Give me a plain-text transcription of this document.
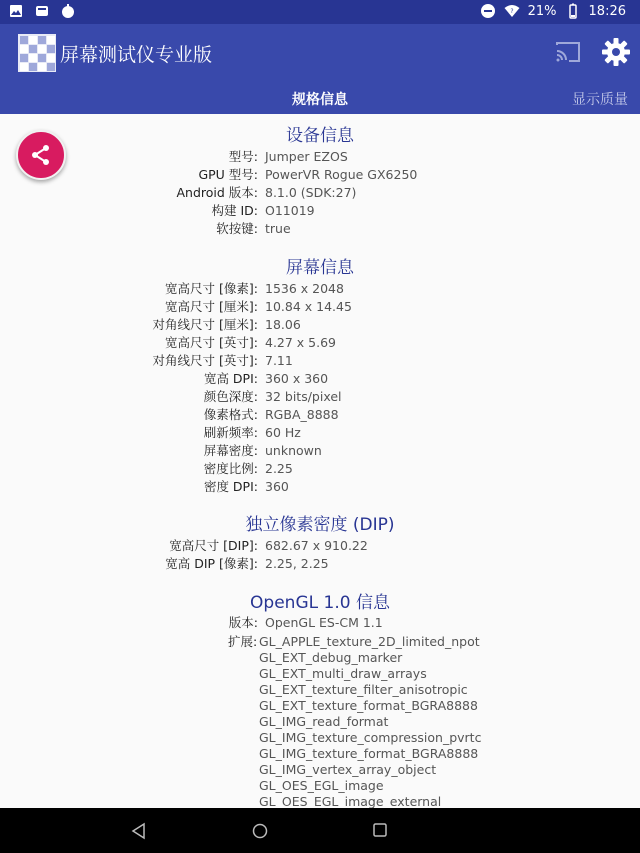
? 21% 18:26
屏幕测试仪专业版
规格信息	显示质量
设备信息
型号: Jumper EZOS
GPU 型号: PowerVR Rogue GX6250
Android 版本: 8.1.0 (SDK:27)
构建 ID: O11019
软按键: true
屏幕信息
宽高尺寸 [像素]: 1536 x 2048
宽高尺寸 [厘米]: 10.84 x 14.45
对角线尺寸 [厘米]: 18.06
宽高尺寸 [英寸]: 4.27 x 5.69
对角线尺寸 [英寸]: 7.11
宽高 DPI: 360 x 360
颜色深度: 32 bits/pixel
像素格式: RGBA_8888
刷新频率: 60 Hz
屏幕密度: unknown
密度比例: 2.25
密度 DPI: 360
独立像素密度 (DIP)
宽高尺寸 [DIP]: 682.67 x 910.22
宽高 DIP [像素]: 2.25, 2.25
OpenGL 1.0 信息
版本: OpenGL ES-CM 1.1
扩展: GL_APPLE_texture_2D_limited_npot
GL_EXT_debug_marker
GL_EXT_multi_draw_arrays
GL_EXT_texture_filter_anisotropic
GL_EXT_texture_format_BGRA8888
GL_IMG_read_format
GL_IMG_texture_compression_pvrtc
GL_IMG_texture_format_BGRA8888
GL_IMG_vertex_array_object
GL_OES_EGL_image
GL_OES_EGL_image_external
